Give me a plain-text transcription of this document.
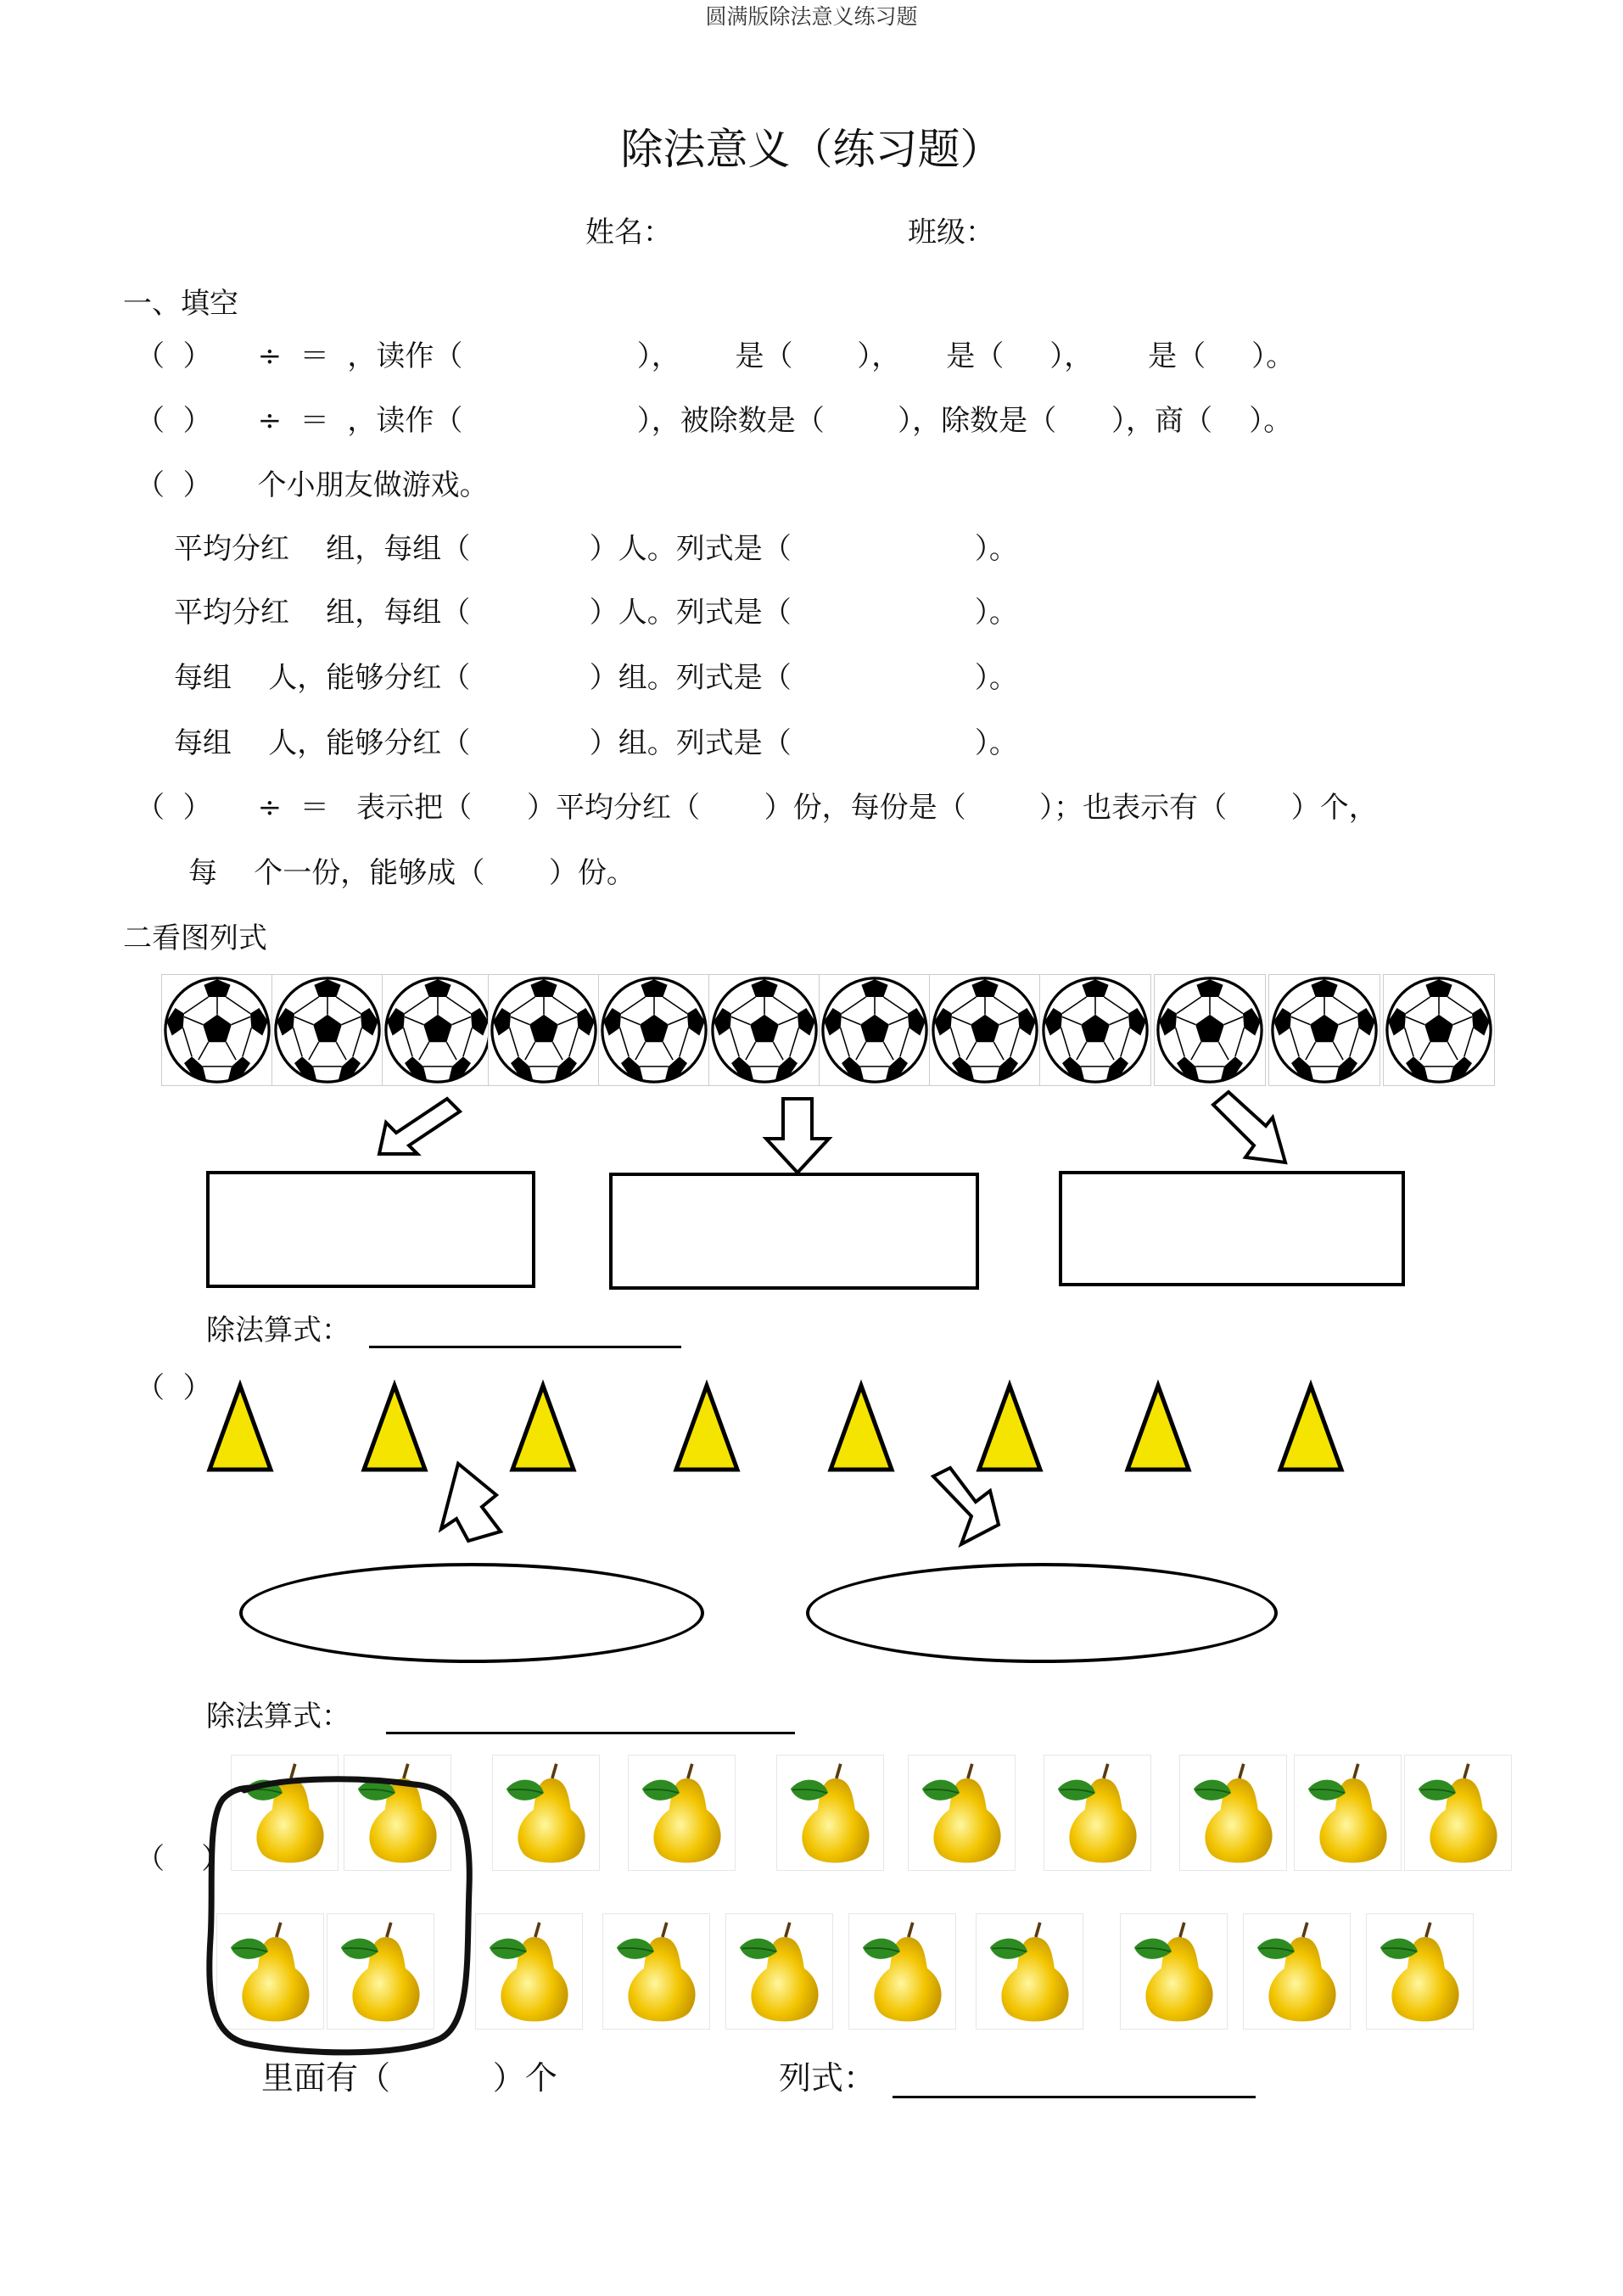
圆满版除法意义练习题
除法意义（练习题）
姓名：	班级：
一、填空
（  ）     ÷  ＝  ，读作（                   ），      是（       ），     是（     ），      是（     ）。
（  ）     ÷  ＝  ，读作（                   ），被除数是（        ），除数是（      ），商（    ）。
（  ）     个小朋友做游戏。
平均分红    组，每组（             ）人。列式是（                    ）。
平均分红    组，每组（             ）人。列式是（                    ）。
每组    人，能够分红（             ）组。列式是（                    ）。
每组    人，能够分红（             ）组。列式是（                    ）。
（  ）     ÷  ＝   表示把（      ）平均分红（       ）份，每份是（        ）；也表示有（       ）个，
每    个一份，能够成（       ）份。
二看图列式
除法算式：
（  ）
除法算式：
（    ）
里面有（          ）个	列式：
